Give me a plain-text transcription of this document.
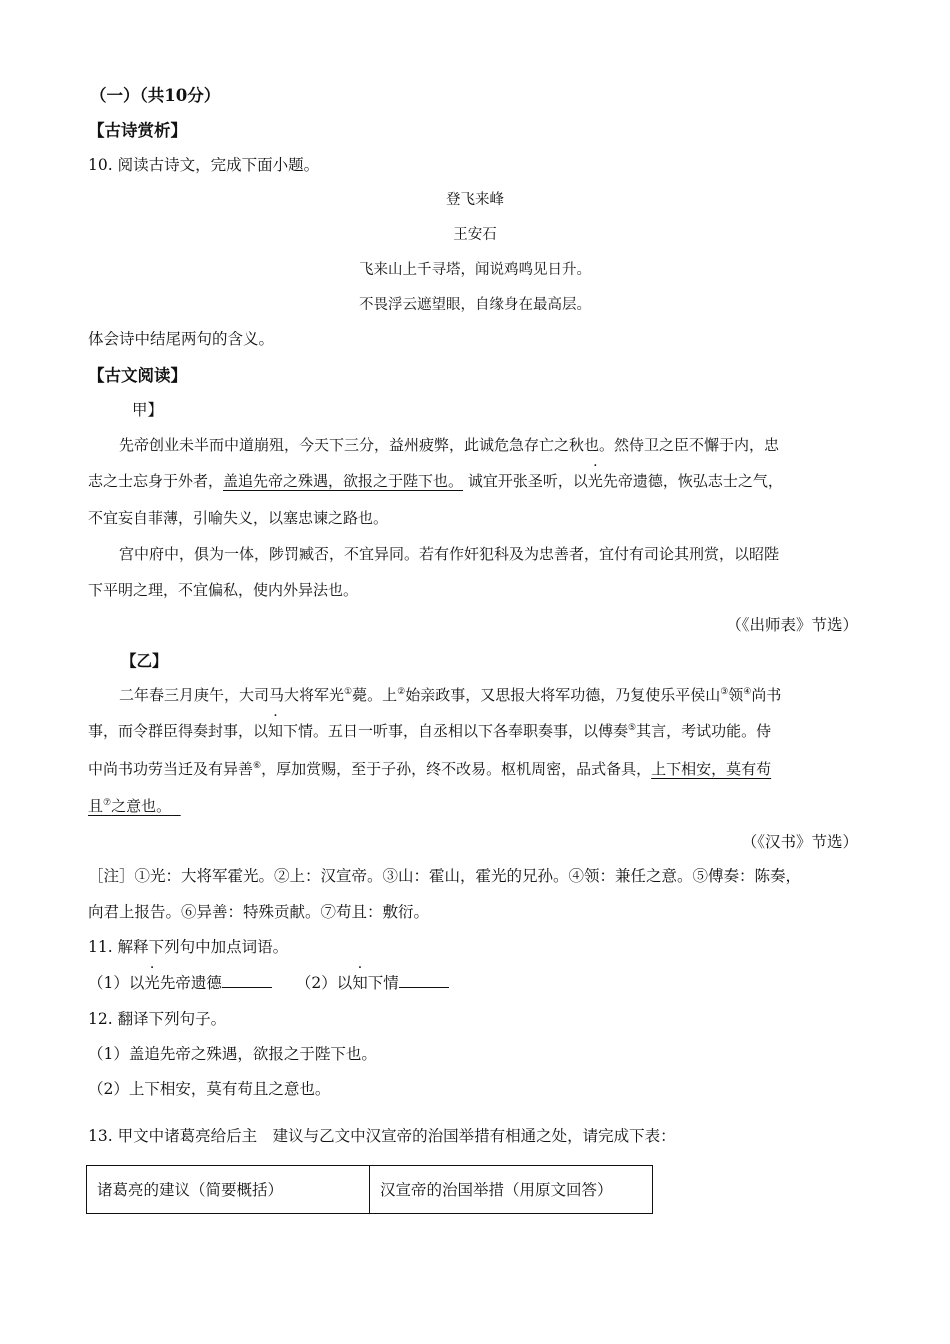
（一）（共10分）
【古诗赏析】
10. 阅读古诗文，完成下面小题。
登飞来峰
王安石
飞来山上千寻塔，闻说鸡鸣见日升。
不畏浮云遮望眼，自缘身在最高层。
体会诗中结尾两句的含义。
【古文阅读】
甲】
先帝创业未半而中道崩殂，今天下三分，益州疲弊，此诚危急存亡之秋也。然侍卫之臣不懈于内，忠
志之士忘身于外者，盖追先帝之殊遇，欲报之于陛下也。 诚宜开张圣听，以光先帝遗德，恢弘志士之气，
不宜妄自菲薄，引喻失义，以塞忠谏之路也。
宫中府中，俱为一体，陟罚臧否，不宜异同。若有作奸犯科及为忠善者，宜付有司论其刑赏，以昭陛
下平明之理，不宜偏私，使内外异法也。
（《出师表》节选）
【乙】
二年春三月庚午，大司马大将军光①薨。上②始亲政事，又思报大将军功德，乃复使乐平侯山③领④尚书
事，而令群臣得奏封事，以知下情。五日一听事，自丞相以下各奉职奏事，以傅奏⑤其言，考试功能。侍
中尚书功劳当迁及有异善⑥，厚加赏赐，至于子孙，终不改易。枢机周密，品式备具，上下相安，莫有苟
且⑦之意也。
（《汉书》节选）
［注］①光：大将军霍光。②上：汉宣帝。③山：霍山，霍光的兄孙。④领：兼任之意。⑤傅奏：陈奏，
向君上报告。⑥异善：特殊贡献。⑦苟且：敷衍。
11. 解释下列句中加点词语。
（1）以光先帝遗德	（2）以知下情
12. 翻译下列句子。
（1）盖追先帝之殊遇，欲报之于陛下也。
（2）上下相安，莫有苟且之意也。
13. 甲文中诸葛亮给后主　建议与乙文中汉宣帝的治国举措有相通之处，请完成下表：
诸葛亮的建议（简要概括）	汉宣帝的治国举措（用原文回答）
